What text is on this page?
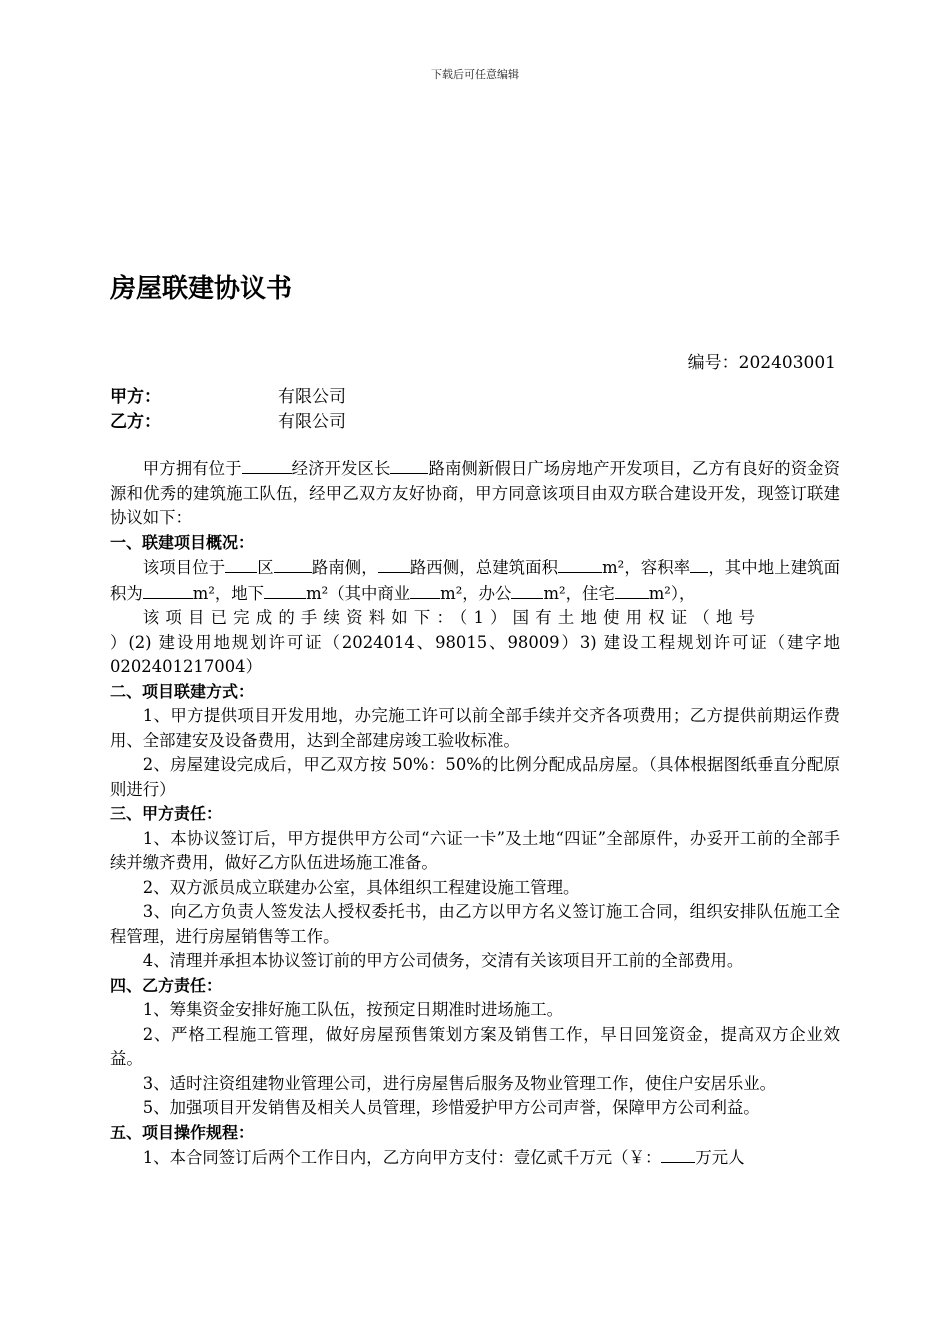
下载后可任意编辑
房屋联建协议书
编号：202403001
甲方：	有限公司
乙方：	有限公司

甲方拥有位于	经济开发区长 路南侧新假日广场房地产开发项目，乙方有良好的资金资源和优秀的建筑施工队伍，经甲乙双方友好协商，甲方同意该项目由双方联合建设开发，现签订联建协议如下：

一、联建项目概况：

该项目位于 区 路南侧， 路西侧，总建筑面积	m²，容积率 ，其中地上建筑面积为	m²，地下	m²（其中商业 m²，办公 m²，住宅 m²），

该项目已完成的手续资料如下：（1）国有土地使用权证（地号

）(2) 建设用地规划许可证（2024014、98015、98009）3) 建设工程规划许可证（建字地 0202401217004）

二、项目联建方式：

1、甲方提供项目开发用地，办完施工许可以前全部手续并交齐各项费用；乙方提供前期运作费用、全部建安及设备费用，达到全部建房竣工验收标准。

2、房屋建设完成后，甲乙双方按 50%：50%的比例分配成品房屋。（具体根据图纸垂直分配原则进行）

三、甲方责任：

1、本协议签订后，甲方提供甲方公司“六证一卡”及土地“四证”全部原件，办妥开工前的全部手续并缴齐费用，做好乙方队伍进场施工准备。

2、双方派员成立联建办公室，具体组织工程建设施工管理。

3、向乙方负责人签发法人授权委托书，由乙方以甲方名义签订施工合同，组织安排队伍施工全程管理，进行房屋销售等工作。

4、清理并承担本协议签订前的甲方公司债务，交清有关该项目开工前的全部费用。

四、乙方责任：

1、筹集资金安排好施工队伍，按预定日期准时进场施工。

2、严格工程施工管理，做好房屋预售策划方案及销售工作，早日回笼资金，提高双方企业效益。

3、适时注资组建物业管理公司，进行房屋售后服务及物业管理工作，使住户安居乐业。

5、加强项目开发销售及相关人员管理，珍惜爱护甲方公司声誉，保障甲方公司利益。

五、项目操作规程：

1、本合同签订后两个工作日内，乙方向甲方支付：壹亿贰千万元（￥： 万元人
